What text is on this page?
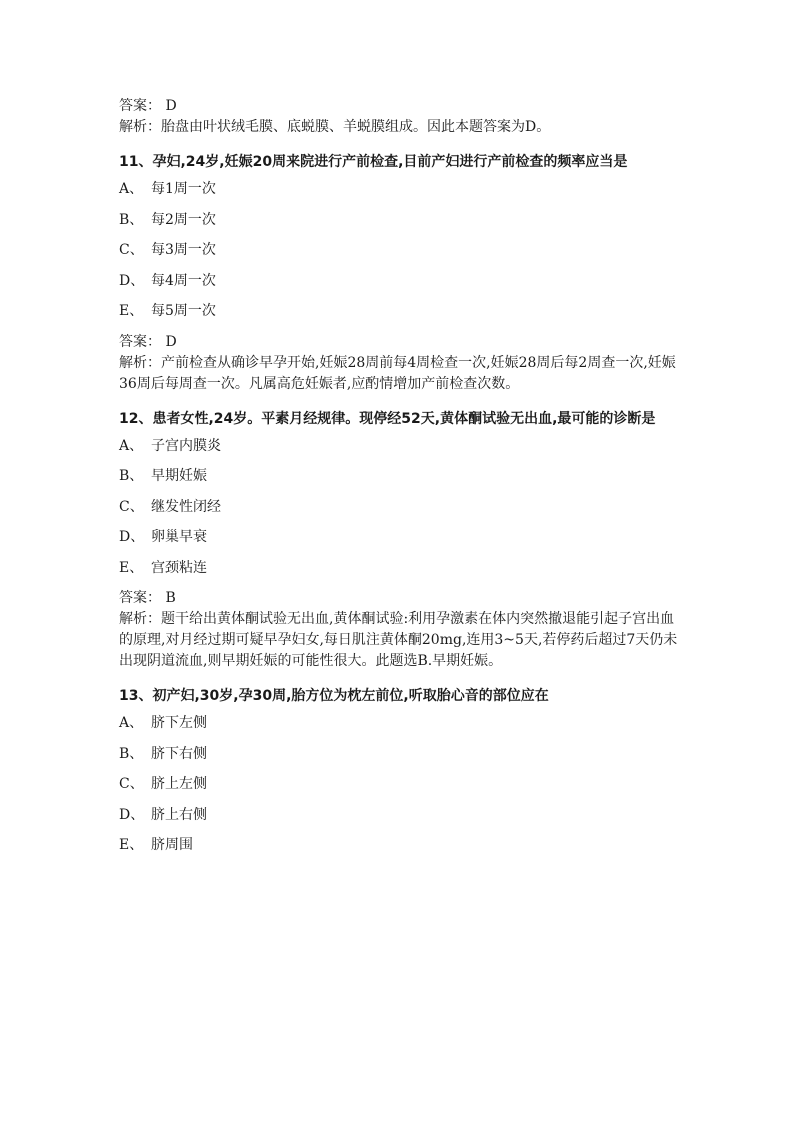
答案： D
解析：胎盘由叶状绒毛膜、底蜕膜、羊蜕膜组成。因此本题答案为D。
11、孕妇,24岁,妊娠20周来院进行产前检查,目前产妇进行产前检查的频率应当是
A、 每1周一次
B、 每2周一次
C、 每3周一次
D、 每4周一次
E、 每5周一次
答案： D
解析：产前检查从确诊早孕开始,妊娠28周前每4周检查一次,妊娠28周后每2周查一次,妊娠36周后每周查一次。凡属高危妊娠者,应酌情增加产前检查次数。
12、患者女性,24岁。平素月经规律。现停经52天,黄体酮试验无出血,最可能的诊断是
A、 子宫内膜炎
B、 早期妊娠
C、 继发性闭经
D、 卵巢早衰
E、 宫颈粘连
答案： B
解析：题干给出黄体酮试验无出血,黄体酮试验:利用孕激素在体内突然撤退能引起子宫出血的原理,对月经过期可疑早孕妇女,每日肌注黄体酮20mg,连用3~5天,若停药后超过7天仍未出现阴道流血,则早期妊娠的可能性很大。此题选B.早期妊娠。
13、初产妇,30岁,孕30周,胎方位为枕左前位,听取胎心音的部位应在
A、 脐下左侧
B、 脐下右侧
C、 脐上左侧
D、 脐上右侧
E、 脐周围
